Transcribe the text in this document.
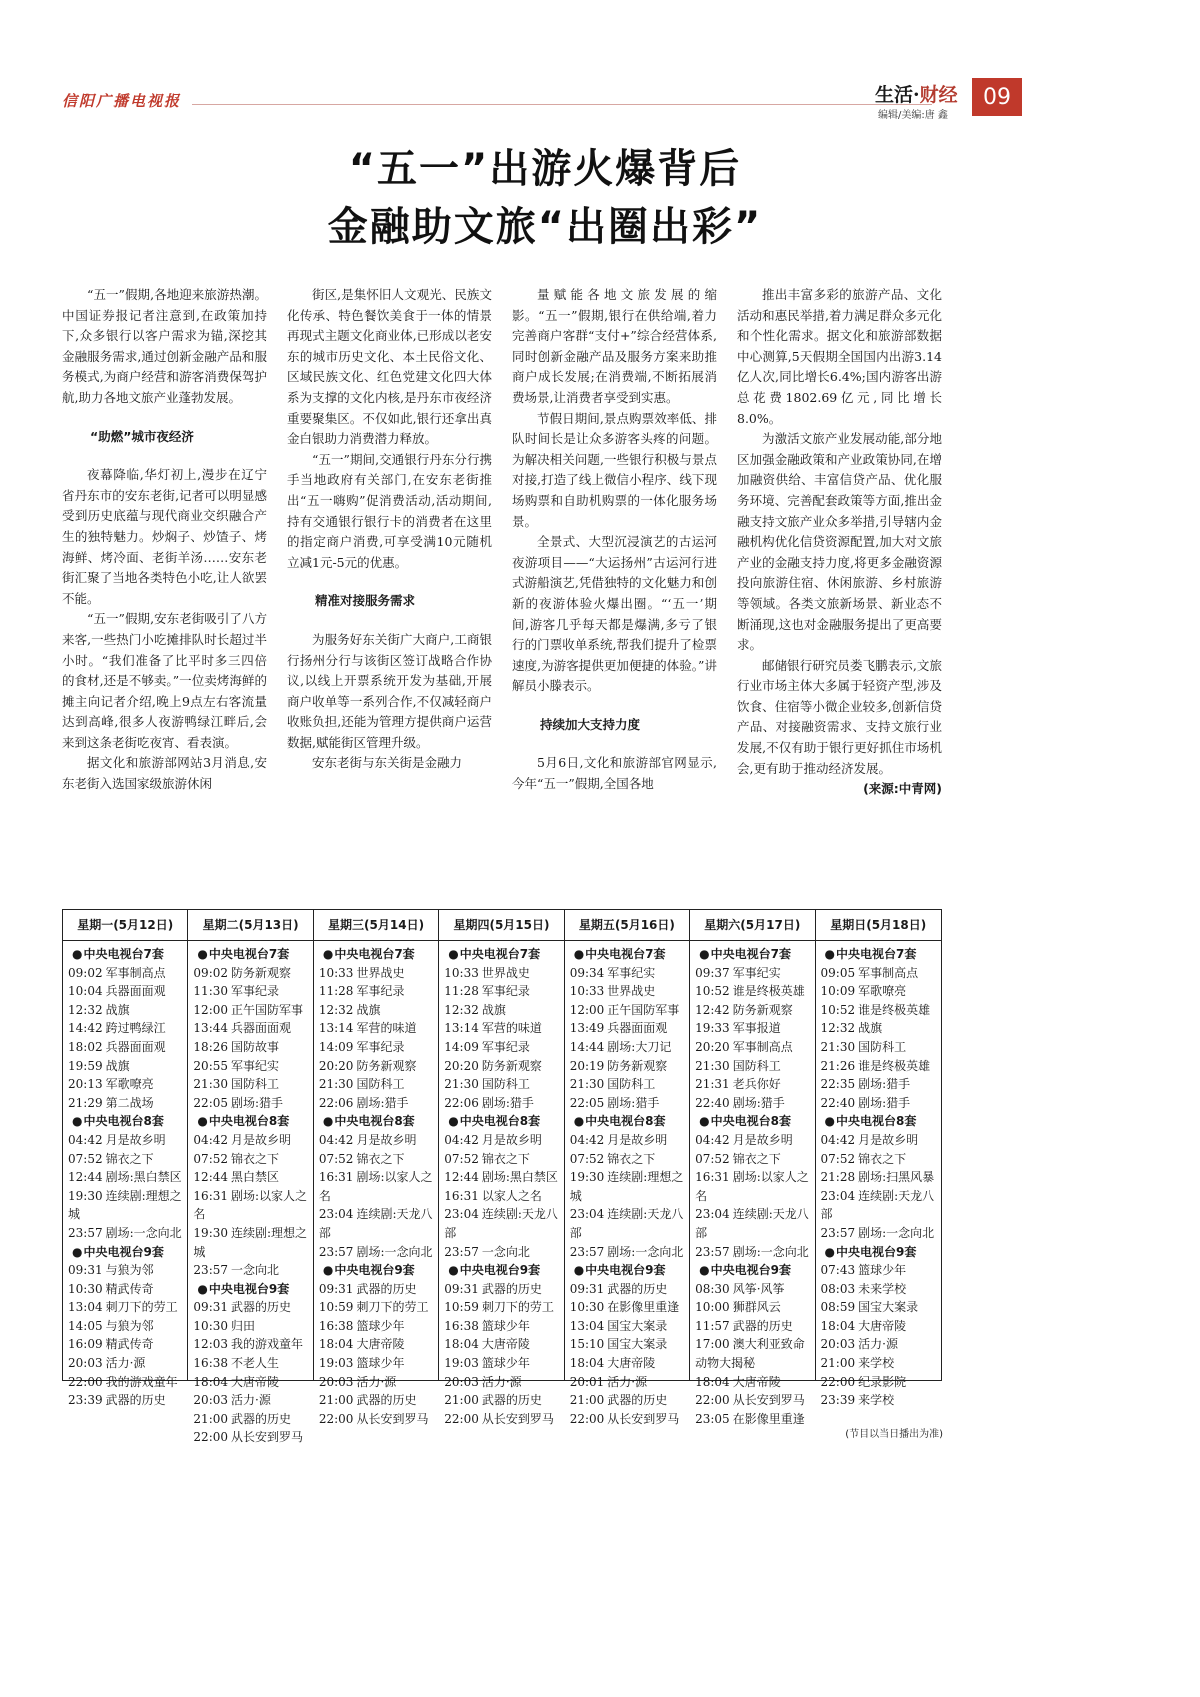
信阳广播电视报	生活·财经
编辑/美编:唐 鑫
09
“五一”出游火爆背后
金融助文旅“出圈出彩”

“五一”假期,各地迎来旅游热潮。中国证券报记者注意到,在政策加持下,众多银行以客户需求为锚,深挖其金融服务需求,通过创新金融产品和服务模式,为商户经营和游客消费保驾护航,助力各地文旅产业蓬勃发展。

“助燃”城市夜经济

夜幕降临,华灯初上,漫步在辽宁省丹东市的安东老街,记者可以明显感受到历史底蕴与现代商业交织融合产生的独特魅力。炒焖子、炒馇子、烤海鲜、烤冷面、老街羊汤……安东老街汇聚了当地各类特色小吃,让人欲罢不能。

“五一”假期,安东老街吸引了八方来客,一些热门小吃摊排队时长超过半小时。“我们准备了比平时多三四倍的食材,还是不够卖。”一位卖烤海鲜的摊主向记者介绍,晚上9点左右客流量达到高峰,很多人夜游鸭绿江畔后,会来到这条老街吃夜宵、看表演。

据文化和旅游部网站3月消息,安东老街入选国家级旅游休闲

街区,是集怀旧人文观光、民族文化传承、特色餐饮美食于一体的情景再现式主题文化商业体,已形成以老安东的城市历史文化、本土民俗文化、区域民族文化、红色党建文化四大体系为支撑的文化内核,是丹东市夜经济重要聚集区。不仅如此,银行还拿出真金白银助力消费潜力释放。

“五一”期间,交通银行丹东分行携手当地政府有关部门,在安东老街推出“五一嗨购”促消费活动,活动期间,持有交通银行银行卡的消费者在这里的指定商户消费,可享受满10元随机立减1元-5元的优惠。

精准对接服务需求

为服务好东关街广大商户,工商银行扬州分行与该街区签订战略合作协议,以线上开票系统开发为基础,开展商户收单等一系列合作,不仅减轻商户收账负担,还能为管理方提供商户运营数据,赋能街区管理升级。

安东老街与东关街是金融力

量赋能各地文旅发展的缩影。“五一”假期,银行在供给端,着力完善商户客群“支付+”综合经营体系,同时创新金融产品及服务方案来助推商户成长发展;在消费端,不断拓展消费场景,让消费者享受到实惠。

节假日期间,景点购票效率低、排队时间长是让众多游客头疼的问题。为解决相关问题,一些银行积极与景点对接,打造了线上微信小程序、线下现场购票和自助机购票的一体化服务场景。

全景式、大型沉浸演艺的古运河夜游项目——“大运扬州”古运河行进式游船演艺,凭借独特的文化魅力和创新的夜游体验火爆出圈。“‘五一’期间,游客几乎每天都是爆满,多亏了银行的门票收单系统,帮我们提升了检票速度,为游客提供更加便捷的体验。”讲解员小滕表示。

持续加大支持力度

5月6日,文化和旅游部官网显示,今年“五一”假期,全国各地

推出丰富多彩的旅游产品、文化活动和惠民举措,着力满足群众多元化和个性化需求。据文化和旅游部数据中心测算,5天假期全国国内出游3.14亿人次,同比增长6.4%;国内游客出游总花费1802.69亿元,同比增长8.0%。

为激活文旅产业发展动能,部分地区加强金融政策和产业政策协同,在增加融资供给、丰富信贷产品、优化服务环境、完善配套政策等方面,推出金融支持文旅产业众多举措,引导辖内金融机构优化信贷资源配置,加大对文旅产业的金融支持力度,将更多金融资源投向旅游住宿、休闲旅游、乡村旅游等领域。各类文旅新场景、新业态不断涌现,这也对金融服务提出了更高要求。

邮储银行研究员娄飞鹏表示,文旅行业市场主体大多属于轻资产型,涉及饮食、住宿等小微企业较多,创新信贷产品、对接融资需求、支持文旅行业发展,不仅有助于银行更好抓住市场机会,更有助于推动经济发展。

(来源:中青网)

星期一(5月12日)
● 中央电视台7套
09:02 军事制高点
10:04 兵器面面观
12:32 战旗
14:42 跨过鸭绿江
18:02 兵器面面观
19:59 战旗
20:13 军歌嘹亮
21:29 第二战场
● 中央电视台8套
04:42 月是故乡明
07:52 锦衣之下
12:44 剧场:黑白禁区
19:30 连续剧:理想之城
23:57 剧场:一念向北
● 中央电视台9套
09:31 与狼为邻
10:30 精武传奇
13:04 刺刀下的劳工
14:05 与狼为邻
16:09 精武传奇
20:03 活力·源
22:00 我的游戏童年
23:39 武器的历史
星期二(5月13日)
● 中央电视台7套
09:02 防务新观察
11:30 军事纪录
12:00 正午国防军事
13:44 兵器面面观
18:26 国防故事
20:55 军事纪实
21:30 国防科工
22:05 剧场:猎手
● 中央电视台8套
04:42 月是故乡明
07:52 锦衣之下
12:44 黑白禁区
16:31 剧场:以家人之名
19:30 连续剧:理想之城
23:57 一念向北
● 中央电视台9套
09:31 武器的历史
10:30 归田
12:03 我的游戏童年
16:38 不老人生
18:04 大唐帝陵
20:03 活力·源
21:00 武器的历史
22:00 从长安到罗马
星期三(5月14日)
● 中央电视台7套
10:33 世界战史
11:28 军事纪录
12:32 战旗
13:14 军营的味道
14:09 军事纪录
20:20 防务新观察
21:30 国防科工
22:06 剧场:猎手
● 中央电视台8套
04:42 月是故乡明
07:52 锦衣之下
16:31 剧场:以家人之名
23:04 连续剧:天龙八部
23:57 剧场:一念向北
● 中央电视台9套
09:31 武器的历史
10:59 刺刀下的劳工
16:38 篮球少年
18:04 大唐帝陵
19:03 篮球少年
20:03 活力·源
21:00 武器的历史
22:00 从长安到罗马
星期四(5月15日)
● 中央电视台7套
10:33 世界战史
11:28 军事纪录
12:32 战旗
13:14 军营的味道
14:09 军事纪录
20:20 防务新观察
21:30 国防科工
22:06 剧场:猎手
● 中央电视台8套
04:42 月是故乡明
07:52 锦衣之下
12:44 剧场:黑白禁区
16:31 以家人之名
23:04 连续剧:天龙八部
23:57 一念向北
● 中央电视台9套
09:31 武器的历史
10:59 刺刀下的劳工
16:38 篮球少年
18:04 大唐帝陵
19:03 篮球少年
20:03 活力·源
21:00 武器的历史
22:00 从长安到罗马
星期五(5月16日)
● 中央电视台7套
09:34 军事纪实
10:33 世界战史
12:00 正午国防军事
13:49 兵器面面观
14:44 剧场:大刀记
20:19 防务新观察
21:30 国防科工
22:05 剧场:猎手
● 中央电视台8套
04:42 月是故乡明
07:52 锦衣之下
19:30 连续剧:理想之城
23:04 连续剧:天龙八部
23:57 剧场:一念向北
● 中央电视台9套
09:31 武器的历史
10:30 在影像里重逢
13:04 国宝大案录
15:10 国宝大案录
18:04 大唐帝陵
20:01 活力·源
21:00 武器的历史
22:00 从长安到罗马
星期六(5月17日)
● 中央电视台7套
09:37 军事纪实
10:52 谁是终极英雄
12:42 防务新观察
19:33 军事报道
20:20 军事制高点
21:30 国防科工
21:31 老兵你好
22:40 剧场:猎手
● 中央电视台8套
04:42 月是故乡明
07:52 锦衣之下
16:31 剧场:以家人之名
23:04 连续剧:天龙八部
23:57 剧场:一念向北
● 中央电视台9套
08:30 风筝·风筝
10:00 狮群风云
11:57 武器的历史
17:00 澳大利亚致命动物大揭秘
18:04 大唐帝陵
22:00 从长安到罗马
23:05 在影像里重逢
星期日(5月18日)
● 中央电视台7套
09:05 军事制高点
10:09 军歌嘹亮
10:52 谁是终极英雄
12:32 战旗
21:30 国防科工
21:26 谁是终极英雄
22:35 剧场:猎手
22:40 剧场:猎手
● 中央电视台8套
04:42 月是故乡明
07:52 锦衣之下
21:28 剧场:扫黑风暴
23:04 连续剧:天龙八部
23:57 剧场:一念向北
● 中央电视台9套
07:43 篮球少年
08:03 未来学校
08:59 国宝大案录
18:04 大唐帝陵
20:03 活力·源
21:00 来学校
22:00 纪录影院
23:39 来学校
(节目以当日播出为准)
